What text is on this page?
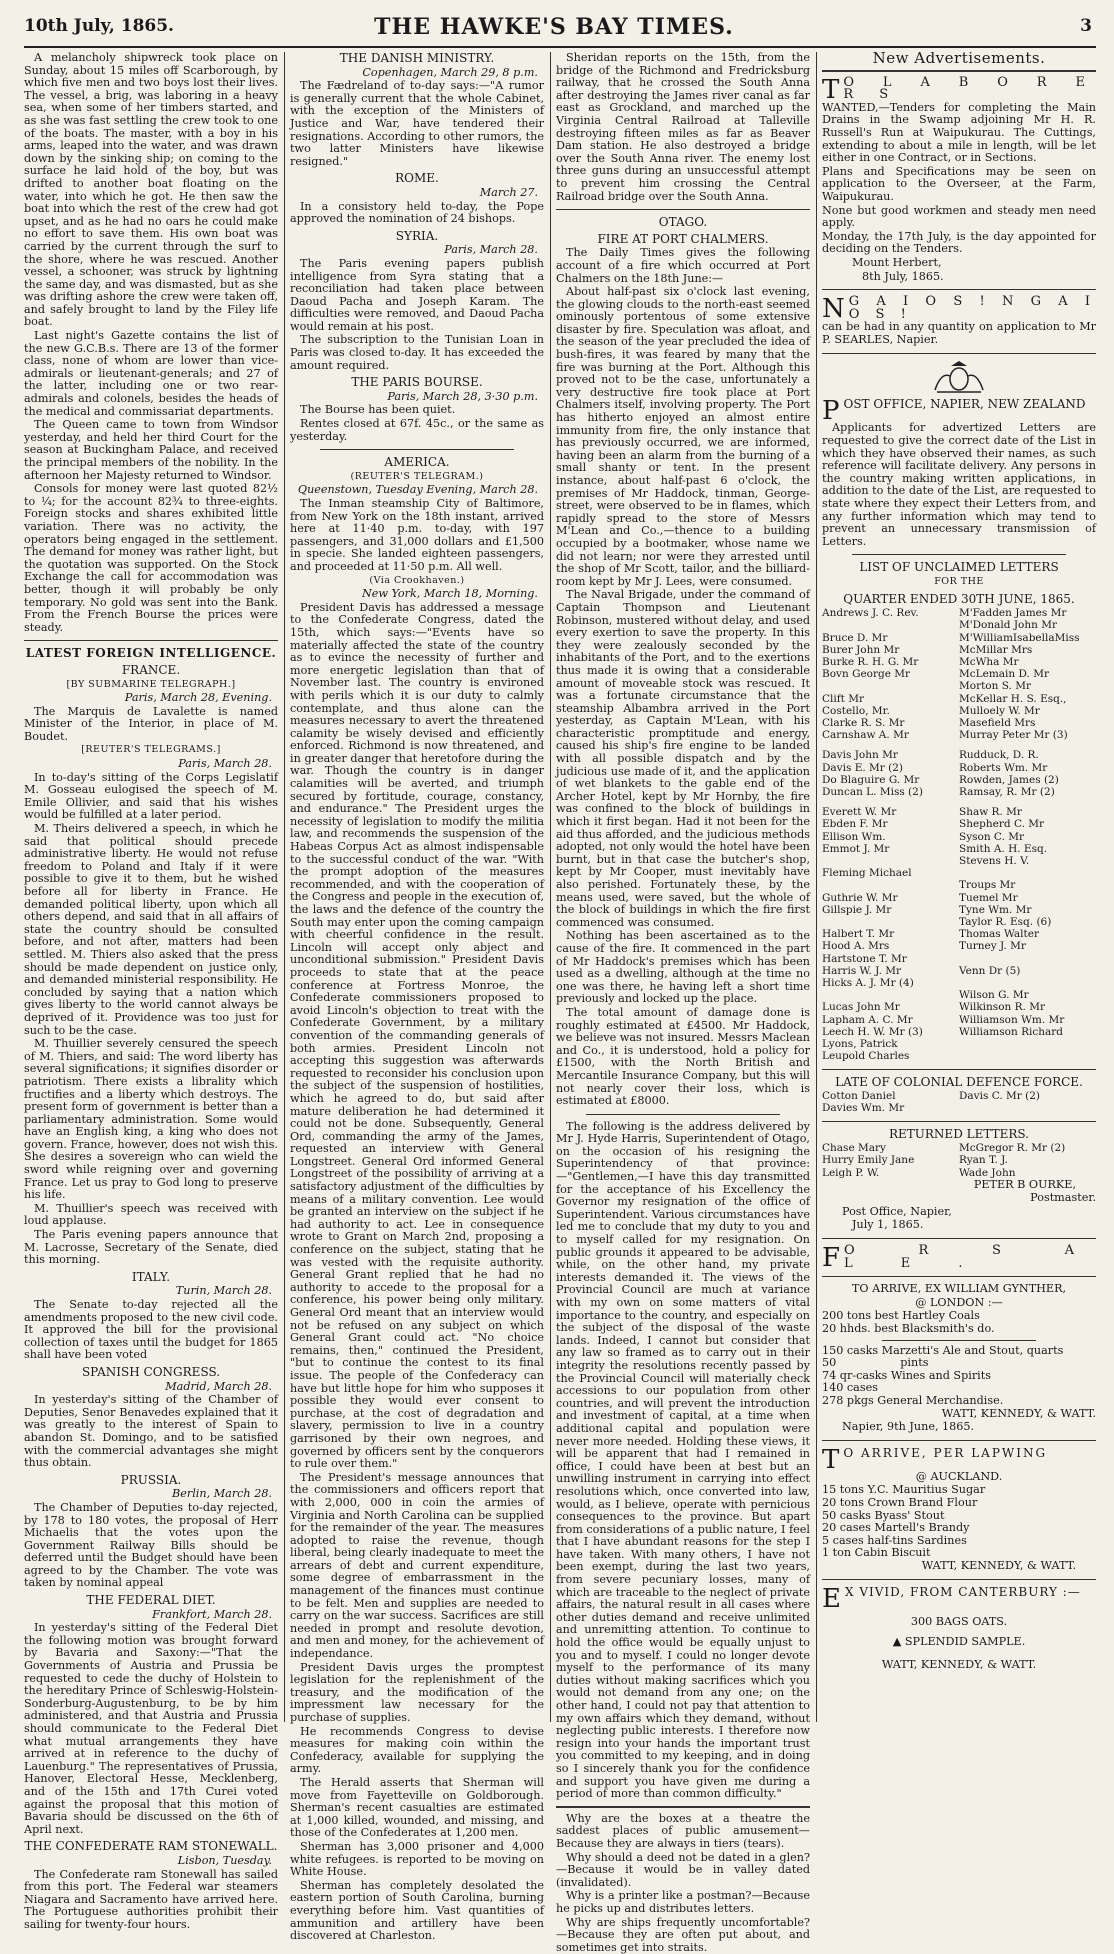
10th July, 1865.	THE HAWKE'S BAY TIMES.	3

A melancholy shipwreck took place on Sunday, about 15 miles off Scarborough, by which five men and two boys lost their lives. The vessel, a brig, was laboring in a heavy sea, when some of her timbers started, and as she was fast settling the crew took to one of the boats. The master, with a boy in his arms, leaped into the water, and was drawn down by the sinking ship; on coming to the surface he laid hold of the boy, but was drifted to another boat floating on the water, into which he got. He then saw the boat into which the rest of the crew had got upset, and as he had no oars he could make no effort to save them. His own boat was carried by the current through the surf to the shore, where he was rescued. Another vessel, a schooner, was struck by lightning the same day, and was dismasted, but as she was drifting ashore the crew were taken off, and safely brought to land by the Filey life boat.

Last night's Gazette contains the list of the new G.C.B.s. There are 13 of the former class, none of whom are lower than vice-admirals or lieutenant-generals; and 27 of the latter, including one or two rear-admirals and colonels, besides the heads of the medical and commissariat departments.

The Queen came to town from Windsor yesterday, and held her third Court for the season at Buckingham Palace, and received the principal members of the nobility. In the afternoon her Majesty returned to Windsor.

Consols for money were last quoted 82½ to ¼; for the account 82¾ to three-eights. Foreign stocks and shares exhibited little variation. There was no activity, the operators being engaged in the settlement. The demand for money was rather light, but the quotation was supported. On the Stock Exchange the call for accommodation was better, though it will probably be only temporary. No gold was sent into the Bank. From the French Bourse the prices were steady.

LATEST FOREIGN INTELLIGENCE.
FRANCE.
[BY SUBMARINE TELEGRAPH.]
Paris, March 28, Evening.

The Marquis de Lavalette is named Minister of the Interior, in place of M. Boudet.

[REUTER'S TELEGRAMS.]
Paris, March 28.

In to-day's sitting of the Corps Legislatif M. Gosseau eulogised the speech of M. Emile Ollivier, and said that his wishes would be fulfilled at a later period.

M. Theirs delivered a speech, in which he said that political should precede administrative liberty. He would not refuse freedom to Poland and Italy if it were possible to give it to them, but he wished before all for liberty in France. He demanded political liberty, upon which all others depend, and said that in all affairs of state the country should be consulted before, and not after, matters had been settled. M. Thiers also asked that the press should be made dependent on justice only, and demanded ministerial responsibility. He concluded by saying that a nation which gives liberty to the world cannot always be deprived of it. Providence was too just for such to be the case.

M. Thuillier severely censured the speech of M. Thiers, and said: The word liberty has several significations; it signifies disorder or patriotism. There exists a librality which fructifies and a liberty which destroys. The present form of government is better than a parliamentary administration. Some would have an English king, a king who does not govern. France, however, does not wish this. She desires a sovereign who can wield the sword while reigning over and governing France. Let us pray to God long to preserve his life.

M. Thuillier's speech was received with loud applause.

The Paris evening papers announce that M. Lacrosse, Secretary of the Senate, died this morning.

ITALY.
Turin, March 28.

The Senate to-day rejected all the amendments proposed to the new civil code. It approved the bill for the provisional collection of taxes until the budget for 1865 shall have been voted

SPANISH CONGRESS.
Madrid, March 28.

In yesterday's sitting of the Chamber of Deputies, Senor Benavedes explained that it was greatly to the interest of Spain to abandon St. Domingo, and to be satisfied with the commercial advantages she might thus obtain.

PRUSSIA.
Berlin, March 28.

The Chamber of Deputies to-day rejected, by 178 to 180 votes, the proposal of Herr Michaelis that the votes upon the Government Railway Bills should be deferred until the Budget should have been agreed to by the Chamber. The vote was taken by nominal appeal

THE FEDERAL DIET.
Frankfort, March 28.

In yesterday's sitting of the Federal Diet the following motion was brought forward by Bavaria and Saxony:—"That the Governments of Austria and Prussia be requested to cede the duchy of Holstein to the hereditary Prince of Schleswig-Holstein-Sonderburg-Augustenburg, to be by him administered, and that Austria and Prussia should communicate to the Federal Diet what mutual arrangements they have arrived at in reference to the duchy of Lauenburg." The representatives of Prussia, Hanover, Electoral Hesse, Mecklenberg, and of the 15th and 17th Curei voted against the proposal that this motion of Bavaria should be discussed on the 6th of April next.

THE CONFEDERATE RAM STONEWALL.
Lisbon, Tuesday.

The Confederate ram Stonewall has sailed from this port. The Federal war steamers Niagara and Sacramento have arrived here. The Portuguese authorities prohibit their sailing for twenty-four hours.

THE DANISH MINISTRY.
Copenhagen, March 29, 8 p.m.

The Fædreland of to-day says:—"A rumor is generally current that the whole Cabinet, with the exception of the Ministers of Justice and War, have tendered their resignations. According to other rumors, the two latter Ministers have likewise resigned."

ROME.
March 27.

In a consistory held to-day, the Pope approved the nomination of 24 bishops.

SYRIA.
Paris, March 28.

The Paris evening papers publish intelligence from Syra stating that a reconciliation had taken place between Daoud Pacha and Joseph Karam. The difficulties were removed, and Daoud Pacha would remain at his post.

The subscription to the Tunisian Loan in Paris was closed to-day. It has exceeded the amount required.

THE PARIS BOURSE.
Paris, March 28, 3·30 p.m.

The Bourse has been quiet.

Rentes closed at 67f. 45c., or the same as yesterday.

AMERICA.
(REUTER'S TELEGRAM.)
Queenstown, Tuesday Evening, March 28.

The Inman steamship City of Baltimore, from New York on the 18th instant, arrived here at 11·40 p.m. to-day, with 197 passengers, and 31,000 dollars and £1,500 in specie. She landed eighteen passengers, and proceeded at 11·50 p.m. All well.

(Via Crookhaven.)
New York, March 18, Morning.

President Davis has addressed a message to the Confederate Congress, dated the 15th, which says:—"Events have so materially affected the state of the country as to evince the necessity of further and more energetic legislation than that of November last. The country is environed with perils which it is our duty to calmly contemplate, and thus alone can the measures necessary to avert the threatened calamity be wisely devised and efficiently enforced. Richmond is now threatened, and in greater danger that heretofore during the war. Though the country is in danger calamities will be averted, and triumph secured by fortitude, courage, constancy, and endurance." The President urges the necessity of legislation to modify the militia law, and recommends the suspension of the Habeas Corpus Act as almost indispensable to the successful conduct of the war. "With the prompt adoption of the measures recommended, and with the cooperation of the Congress and people in the execution of, the laws and the defence of the country the South may enter upon the coming campaign with cheerful confidence in the result. Lincoln will accept only abject and unconditional submission." President Davis proceeds to state that at the peace conference at Fortress Monroe, the Confederate commissioners proposed to avoid Lincoln's objection to treat with the Confederate Government, by a military convention of the commanding generals of both armies. President Lincoln not accepting this suggestion was afterwards requested to reconsider his conclusion upon the subject of the suspension of hostilities, which he agreed to do, but said after mature deliberation he had determined it could not be done. Subsequently, General Ord, commanding the army of the James, requested an interview with General Longstreet. General Ord informed General Longstreet of the possibility of arriving at a satisfactory adjustment of the difficulties by means of a military convention. Lee would be granted an interview on the subject if he had authority to act. Lee in consequence wrote to Grant on March 2nd, proposing a conference on the subject, stating that he was vested with the requisite authority. General Grant replied that he had no authority to accede to the proposal for a conference, his power being only military. General Ord meant that an interview would not be refused on any subject on which General Grant could act. "No choice remains, then," continued the President, "but to continue the contest to its final issue. The people of the Confederacy can have but little hope for him who supposes it possible they would ever consent to purchase, at the cost of degradation and slavery, permission to live in a country garrisoned by their own negroes, and governed by officers sent by the conquerors to rule over them."

The President's message announces that the commissioners and officers report that with 2,000, 000 in coin the armies of Virginia and North Carolina can be supplied for the remainder of the year. The measures adopted to raise the revenue, though liberal, being clearly inadequate to meet the arrears of debt and current expenditure, some degree of embarrassment in the management of the finances must continue to be felt. Men and supplies are needed to carry on the war success. Sacrifices are still needed in prompt and resolute devotion, and men and money, for the achievement of independance.

President Davis urges the promptest legislation for the replenishment of the treasury, and the modification of the impressment law necessary for the purchase of supplies.

He recommends Congress to devise measures for making coin within the Confederacy, available for supplying the army.

The Herald asserts that Sherman will move from Fayetteville on Goldborough. Sherman's recent casualties are estimated at 1,000 killed, wounded, and missing, and those of the Confederates at 1,200 men.

Sherman has 3,000 prisoner and 4,000 white refugees. is reported to be moving on White House.

Sherman has completely desolated the eastern portion of South Carolina, burning everything before him. Vast quantities of ammunition and artillery have been discovered at Charleston.

Sheridan reports on the 15th, from the bridge of the Richmond and Fredricksburg railway, that he crossed the South Anna after destroying the James river canal as far east as Grockland, and marched up the Virginia Central Railroad at Talleville destroying fifteen miles as far as Beaver Dam station. He also destroyed a bridge over the South Anna river. The enemy lost three guns during an unsuccessful attempt to prevent him crossing the Central Railroad bridge over the South Anna.

OTAGO.
FIRE AT PORT CHALMERS.

The Daily Times gives the following account of a fire which occurred at Port Chalmers on the 18th June:—

About half-past six o'clock last evening, the glowing clouds to the north-east seemed ominously portentous of some extensive disaster by fire. Speculation was afloat, and the season of the year precluded the idea of bush-fires, it was feared by many that the fire was burning at the Port. Although this proved not to be the case, unfortunately a very destructive fire took place at Port Chalmers itself, involving property. The Port has hitherto enjoyed an almost entire immunity from fire, the only instance that has previously occurred, we are informed, having been an alarm from the burning of a small shanty or tent. In the present instance, about half-past 6 o'clock, the premises of Mr Haddock, tinman, George-street, were observed to be in flames, which rapidly spread to the store of Messrs M'Lean and Co.,—thence to a building occupied by a bootmaker, whose name we did not learn; nor were they arrested until the shop of Mr Scott, tailor, and the billiard-room kept by Mr J. Lees, were consumed.

The Naval Brigade, under the command of Captain Thompson and Lieutenant Robinson, mustered without delay, and used every exertion to save the property. In this they were zealously seconded by the inhabitants of the Port, and to the exertions thus made it is owing that a considerable amount of moveable stock was rescued. It was a fortunate circumstance that the steamship Albambra arrived in the Port yesterday, as Captain M'Lean, with his characteristic promptitude and energy, caused his ship's fire engine to be landed with all possible dispatch and by the judicious use made of it, and the application of wet blankets to the gable end of the Archer Hotel, kept by Mr Hornby, the fire was confined to the block of buildings in which it first began. Had it not been for the aid thus afforded, and the judicious methods adopted, not only would the hotel have been burnt, but in that case the butcher's shop, kept by Mr Cooper, must inevitably have also perished. Fortunately these, by the means used, were saved, but the whole of the block of buildings in which the fire first commenced was consumed.

Nothing has been ascertained as to the cause of the fire. It commenced in the part of Mr Haddock's premises which has been used as a dwelling, although at the time no one was there, he having left a short time previously and locked up the place.

The total amount of damage done is roughly estimated at £4500. Mr Haddock, we believe was not insured. Messrs Maclean and Co., it is understood, hold a policy for £1500, with the North British and Mercantile Insurance Company, but this will not nearly cover their loss, which is estimated at £8000.

The following is the address delivered by Mr J. Hyde Harris, Superintendent of Otago, on the occasion of his resigning the Superintendency of that province:—"Gentlemen,—I have this day transmitted for the acceptance of his Excellency the Governor my resignation of the office of Superintendent. Various circumstances have led me to conclude that my duty to you and to myself called for my resignation. On public grounds it appeared to be advisable, while, on the other hand, my private interests demanded it. The views of the Provincial Council are much at variance with my own on some matters of vital importance to the country, and especially on the subject of the disposal of the waste lands. Indeed, I cannot but consider that any law so framed as to carry out in their integrity the resolutions recently passed by the Provincial Council will materially check accessions to our population from other countries, and will prevent the introduction and investment of capital, at a time when additional capital and population were never more needed. Holding these views, it will be apparent that had I remained in office, I could have been at best but an unwilling instrument in carrying into effect resolutions which, once converted into law, would, as I believe, operate with pernicious consequences to the province. But apart from considerations of a public nature, I feel that I have abundant reasons for the step I have taken. With many others, I have not been exempt, during the last two years, from severe pecuniary losses, many of which are traceable to the neglect of private affairs, the natural result in all cases where other duties demand and receive unlimited and unremitting attention. To continue to hold the office would be equally unjust to you and to myself. I could no longer devote myself to the performance of its many duties without making sacrifices which you would not demand from any one; on the other hand, I could not pay that attention to my own affairs which they demand, without neglecting public interests. I therefore now resign into your hands the important trust you committed to my keeping, and in doing so I sincerely thank you for the confidence and support you have given me during a period of more than common difficulty."

Why are the boxes at a theatre the saddest places of public amusement—Because they are always in tiers (tears).

Why should a deed not be dated in a glen?—Because it would be in valley dated (invalidated).

Why is a printer like a postman?—Because he picks up and distributes letters.

Why are ships frequently uncomfortable?—Because they are often put about, and sometimes get into straits.

New Advertisements.
T O L A B O R E R S

WANTED,—Tenders for completing the Main Drains in the Swamp adjoining Mr H. R. Russell's Run at Waipukurau. The Cuttings, extending to about a mile in length, will be let either in one Contract, or in Sections.

Plans and Specifications may be seen on application to the Overseer, at the Farm, Waipukurau.

None but good workmen and steady men need apply.

Monday, the 17th July, is the day appointed for deciding on the Tenders.

Mount Herbert,

8th July, 1865.

N G A I O S ! N G A I O S !

can be had in any quantity on application to Mr P. SEARLES, Napier.

POST OFFICE, NAPIER, NEW ZEALAND

Applicants for advertized Letters are requested to give the correct date of the List in which they have observed their names, as such reference will facilitate delivery. Any persons in the country making written applications, in addition to the date of the List, are requested to state where they expect their Letters from, and any further information which may tend to prevent an unnecessary transmission of Letters.

LIST OF UNCLAIMED LETTERS
FOR THE
QUARTER ENDED 30TH JUNE, 1865.
Andrews J. C. Rev.	M'Fadden James Mr
	M'Donald John Mr
Bruce D. Mr	M'WilliamIsabellaMiss
Burer John Mr	McMillar Mrs
Burke R. H. G. Mr	McWha Mr
Bovn George Mr	McLemain D. Mr
	Morton S. Mr
Clift Mr	McKellar H. S. Esq.,
Costello, Mr.	Mulloely W. Mr
Clarke R. S. Mr	Masefield Mrs
Carnshaw A. Mr	Murray Peter Mr (3)

Davis John Mr	Rudduck, D. R.
Davis E. Mr (2)	Roberts Wm. Mr
Do Blaguire G. Mr	Rowden, James (2)
Duncan L. Miss (2)	Ramsay, R. Mr (2)

Everett W. Mr	Shaw R. Mr
Ebden F. Mr	Shepherd C. Mr
Ellison Wm.	Syson C. Mr
Emmot J. Mr	Smith A. H. Esq.
	Stevens H. V.
Fleming Michael	
	Troups Mr
Guthrie W. Mr	Tuemel Mr
Gillspie J. Mr	Tyne Wm. Mr
	Taylor R. Esq. (6)
Halbert T. Mr	Thomas Walter
Hood A. Mrs	Turney J. Mr
Hartstone T. Mr	
Harris W. J. Mr	Venn Dr (5)
Hicks A. J. Mr (4)	
	Wilson G. Mr
Lucas John Mr	Wilkinson R. Mr
Lapham A. C. Mr	Williamson Wm. Mr
Leech H. W. Mr (3)	Williamson Richard
Lyons, Patrick	
Leupold Charles	
LATE OF COLONIAL DEFENCE FORCE.
Cotton Daniel	Davis C. Mr (2)
Davies Wm. Mr	
RETURNED LETTERS.
Chase Mary	McGregor R. Mr (2)
Hurry Emily Jane	Ryan T. J.
Leigh P. W.	Wade John

PETER B OURKE,

Postmaster.

Post Office, Napier,

July 1, 1865.

F O R S A L E .

TO ARRIVE, EX WILLIAM GYNTHER,

@ LONDON :—

200 tons best Hartley Coals

20 hhds. best Blacksmith's do.

150 casks Marzetti's Ale and Stout, quarts

50                  pints

74 qr-casks Wines and Spirits

140 cases

278 pkgs General Merchandise.

WATT, KENNEDY, & WATT.

Napier, 9th June, 1865.

T O ARRIVE, PER LAPWING

@ AUCKLAND.

15 tons Y.C. Mauritius Sugar

20 tons Crown Brand Flour

50 casks Byass' Stout

20 cases Martell's Brandy

5 cases half-tins Sardines

1 ton Cabin Biscuit

WATT, KENNEDY, & WATT.

E X VIVID, FROM CANTERBURY :—

300 BAGS OATS.

▲ SPLENDID SAMPLE.

WATT, KENNEDY, & WATT.
